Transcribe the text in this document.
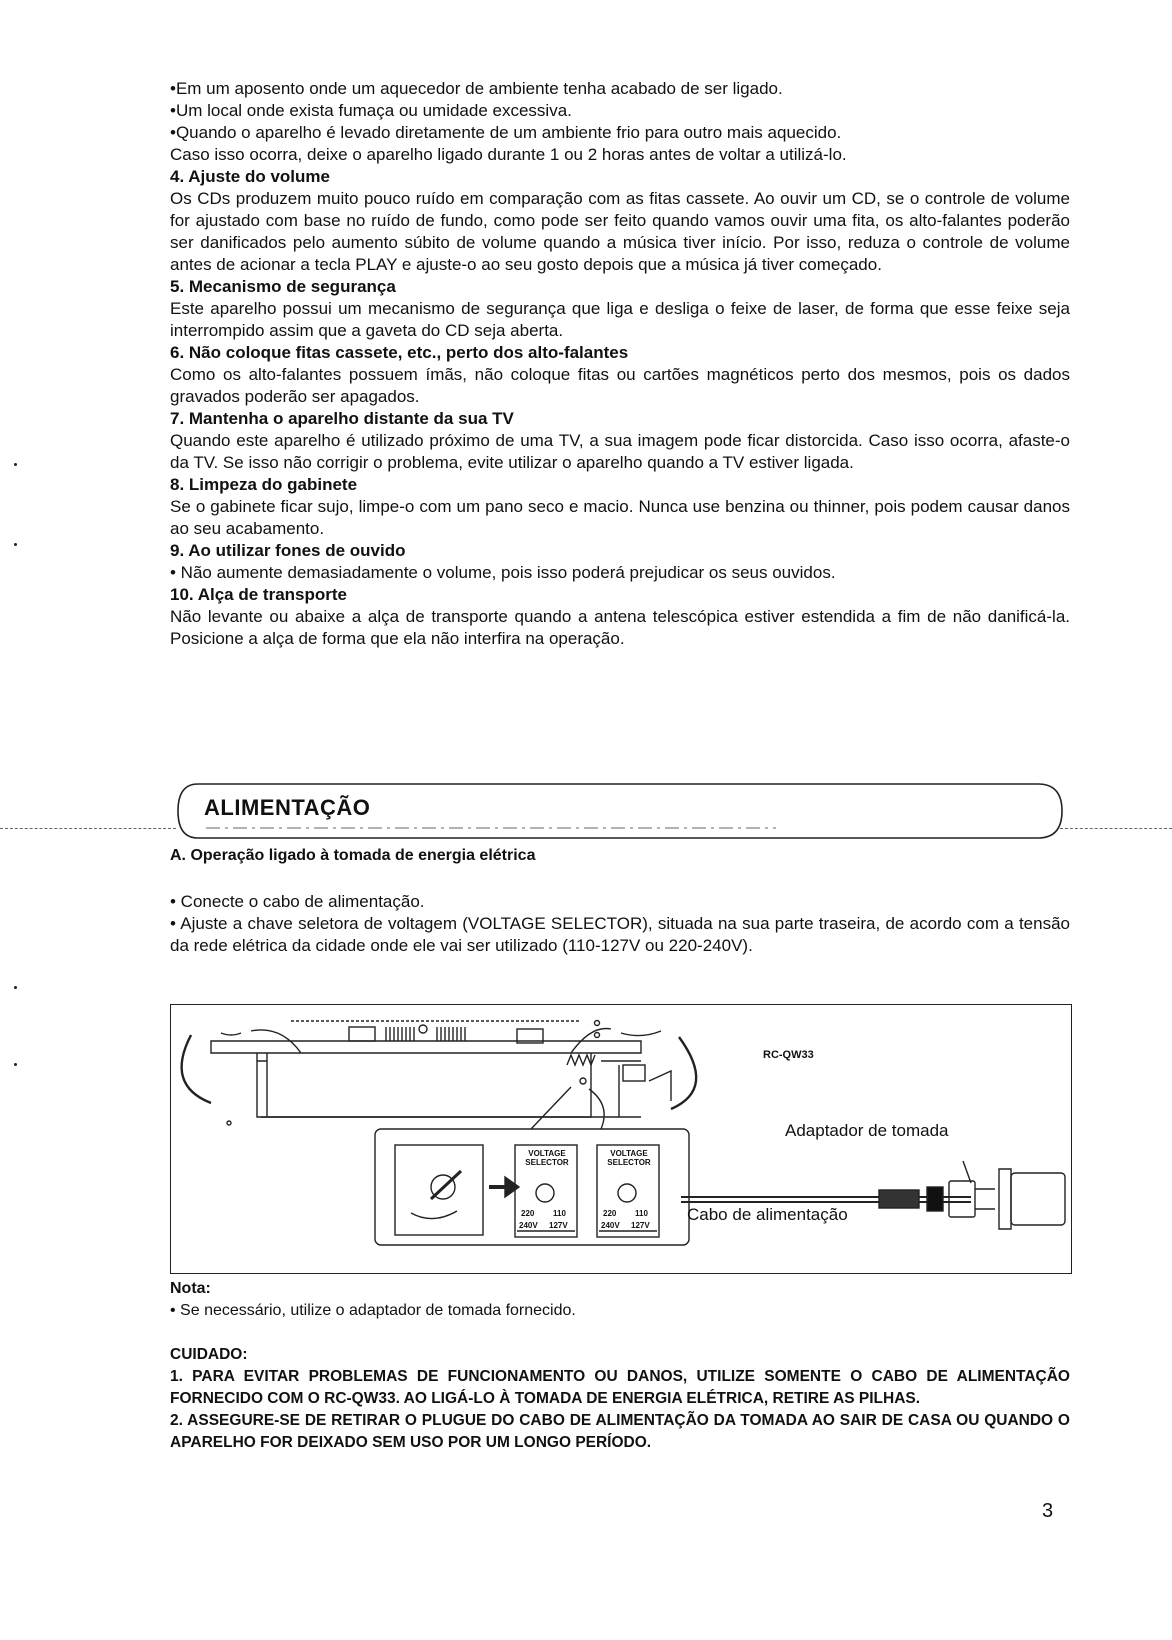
•Em um aposento onde um aquecedor de ambiente tenha acabado de ser ligado.

•Um local onde exista fumaça ou umidade excessiva.

•Quando o aparelho é levado diretamente de um ambiente frio para outro mais aquecido.

Caso isso ocorra, deixe o aparelho ligado durante 1 ou 2 horas antes de voltar a utilizá-lo.

4. Ajuste do volume

Os CDs produzem muito pouco ruído em comparação com as fitas cassete. Ao ouvir um CD, se o controle de volume for ajustado com base no ruído de fundo, como pode ser feito quando vamos ouvir uma fita, os alto-falantes poderão ser danificados pelo aumento súbito de volume quando a música tiver início. Por isso, reduza o controle de volume antes de acionar a tecla PLAY e ajuste-o ao seu gosto depois que a música já tiver começado.

5. Mecanismo de segurança

Este aparelho possui um mecanismo de segurança que liga e desliga o feixe de laser, de forma que esse feixe seja interrompido assim que a gaveta do CD seja aberta.

6. Não coloque fitas cassete, etc., perto dos alto-falantes

Como os alto-falantes possuem ímãs, não coloque fitas ou cartões magnéticos perto dos mesmos, pois os dados gravados poderão ser apagados.

7. Mantenha o aparelho distante da sua TV

Quando este aparelho é utilizado próximo de uma TV, a sua imagem pode ficar distorcida. Caso isso ocorra, afaste-o da TV. Se isso não corrigir o problema, evite utilizar o aparelho quando a TV estiver ligada.

8. Limpeza do gabinete

Se o gabinete ficar sujo, limpe-o com um pano seco e macio. Nunca use benzina ou thinner, pois podem causar danos ao seu acabamento.

9. Ao utilizar fones de ouvido

• Não aumente demasiadamente o volume, pois isso poderá prejudicar os seus ouvidos.

10. Alça de transporte

Não levante ou abaixe a alça de transporte quando a antena telescópica estiver estendida a fim de não danificá-la. Posicione a alça de forma que ela não interfira na operação.

ALIMENTAÇÃO

A. Operação ligado à tomada de energia elétrica

• Conecte o cabo de alimentação.

• Ajuste a chave seletora de voltagem (VOLTAGE SELECTOR), situada na sua parte traseira, de acordo com a tensão da rede elétrica da cidade onde ele vai ser utilizado (110-127V ou 220-240V).

RC-QW33
VOLTAGE
SELECTOR
VOLTAGE
SELECTOR
220 110
240V 127V
220 110
240V 127V
Adaptador de tomada
Cabo de alimentação

Nota:

• Se necessário, utilize o adaptador de tomada fornecido.

CUIDADO:

1. PARA EVITAR PROBLEMAS DE FUNCIONAMENTO OU DANOS, UTILIZE SOMENTE O CABO DE ALIMENTAÇÃO FORNECIDO COM O RC-QW33. AO LIGÁ-LO À TOMADA DE ENERGIA ELÉTRICA, RETIRE AS PILHAS.

2. ASSEGURE-SE DE RETIRAR O PLUGUE DO CABO DE ALIMENTAÇÃO DA TOMADA AO SAIR DE CASA OU QUANDO O APARELHO FOR DEIXADO SEM USO POR UM LONGO PERÍODO.

3
